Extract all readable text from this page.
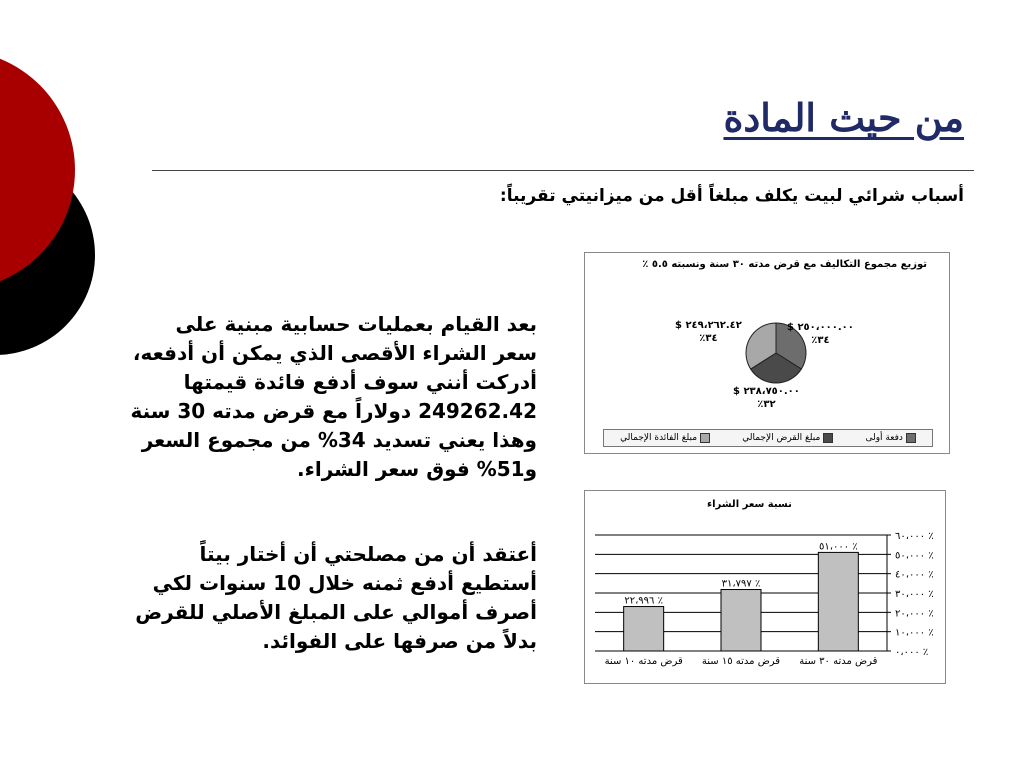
من حيث المادة
أسباب شرائي لبيت يكلف مبلغاً أقل من ميزانيتي تقريباً:
بعد القيام بعمليات حسابية مبنية على سعر الشراء الأقصى الذي يمكن أن أدفعه، أدركت أنني سوف أدفع فائدة قيمتها 249262.42 دولاراً مع قرض مدته 30 سنة وهذا يعني تسديد 34% من مجموع السعر و51% فوق سعر الشراء.
أعتقد أن من مصلحتي أن أختار بيتاً أستطيع أدفع ثمنه خلال 10 سنوات لكي أصرف أموالي على المبلغ الأصلي للقرض بدلاً من صرفها على الفوائد.
توزيع مجموع التكاليف مع قرض مدته ٣٠ سنة ونسبته ٥.٥ ٪
٢٤٩،٢٦٢.٤٢ $
٣٤٪
٢٥٠،٠٠٠.٠٠ $
٣٤٪
٢٣٨،٧٥٠.٠٠ $
٣٢٪
دفعة أولى
مبلغ القرض الإجمالي
مبلغ الفائدة الإجمالي
نسبة سعر الشراء
٠،٠٠٠ ٪
١٠،٠٠٠ ٪
٢٠،٠٠٠ ٪
٣٠،٠٠٠ ٪
٤٠،٠٠٠ ٪
٥٠،٠٠٠ ٪
٦٠،٠٠٠ ٪
٥١،٠٠٠ ٪
قرض مدته ٣٠ سنة
٣١،٧٩٧ ٪
قرض مدته ١٥ سنة
٢٢،٩٩٦ ٪
قرض مدته ١٠ سنة
